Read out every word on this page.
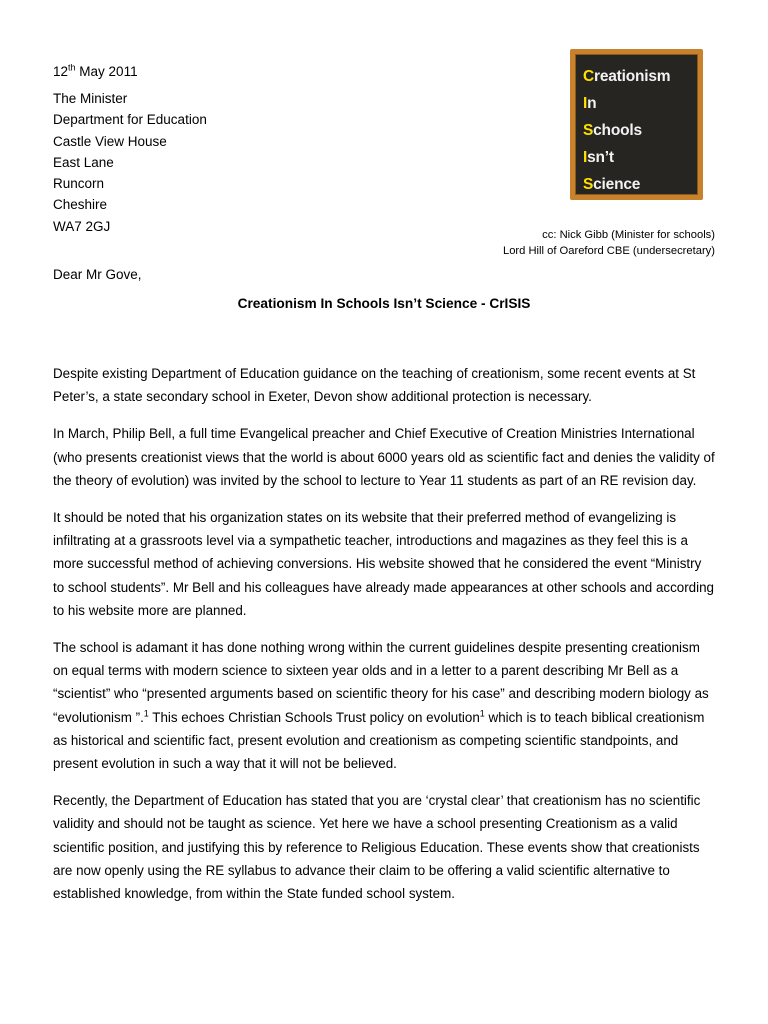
Creationism
In
Schools
Isn’t
Science
12th May 2011
The Minister
Department for Education
Castle View House
East Lane
Runcorn
Cheshire
WA7 2GJ
cc: Nick Gibb (Minister for schools)
Lord Hill of Oareford CBE (undersecretary)
Dear Mr Gove,
Creationism In Schools Isn’t Science - CrISIS

Despite existing Department of Education guidance on the teaching of creationism, some recent events at St Peter’s, a state secondary school in Exeter, Devon show additional protection is necessary.

In March, Philip Bell, a full time Evangelical preacher and Chief Executive of Creation Ministries International (who presents creationist views that the world is about 6000 years old as scientific fact and denies the validity of the theory of evolution) was invited by the school to lecture to Year 11 students as part of an RE revision day.

It should be noted that his organization states on its website that their preferred method of evangelizing is infiltrating at a grassroots level via a sympathetic teacher, introductions and magazines as they feel this is a more successful method of achieving conversions. His website showed that he considered the event “Ministry to school students”. Mr Bell and his colleagues have already made appearances at other schools and according to his website more are planned.

The school is adamant it has done nothing wrong within the current guidelines despite presenting creationism on equal terms with modern science to sixteen year olds and in a letter to a parent describing Mr Bell as a “scientist” who “presented arguments based on scientific theory for his case” and describing modern biology as “evolutionism ”.$^1$ This echoes Christian Schools Trust policy on evolution$^1$ which is to teach biblical creationism as historical and scientific fact, present evolution and creationism as competing scientific standpoints, and present evolution in such a way that it will not be believed.

Recently, the Department of Education has stated that you are ‘crystal clear’ that creationism has no scientific validity and should not be taught as science. Yet here we have a school presenting Creationism as a valid scientific position, and justifying this by reference to Religious Education. These events show that creationists are now openly using the RE syllabus to advance their claim to be offering a valid scientific alternative to established knowledge, from within the State funded school system.
